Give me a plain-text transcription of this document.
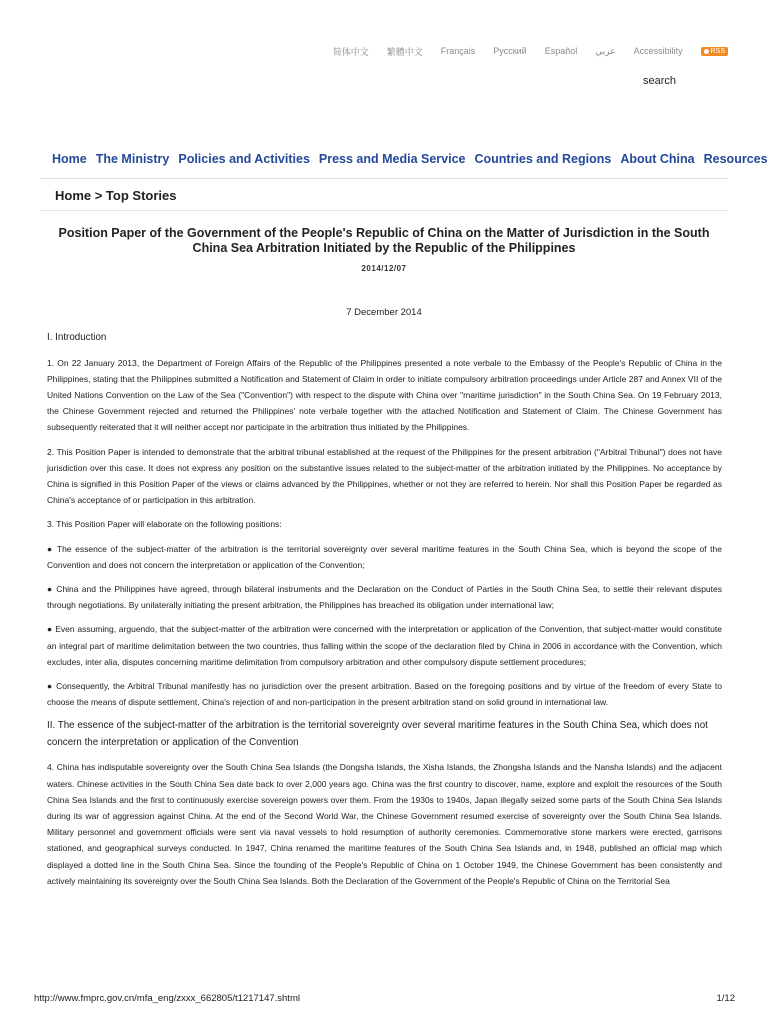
简体中文 繁體中文 Français Русский Español عربي Accessibility	RSS
search
Home The Ministry Policies and Activities Press and Media Service Countries and Regions About China Resources
Home > Top Stories
Position Paper of the Government of the People's Republic of China on the Matter of Jurisdiction in the South China Sea Arbitration Initiated by the Republic of the Philippines
2014/12/07
7 December 2014

I. Introduction

1. On 22 January 2013, the Department of Foreign Affairs of the Republic of the Philippines presented a note verbale to the Embassy of the People's Republic of China in the Philippines, stating that the Philippines submitted a Notification and Statement of Claim in order to initiate compulsory arbitration proceedings under Article 287 and Annex VII of the United Nations Convention on the Law of the Sea ("Convention") with respect to the dispute with China over "maritime jurisdiction" in the South China Sea. On 19 February 2013, the Chinese Government rejected and returned the Philippines' note verbale together with the attached Notification and Statement of Claim. The Chinese Government has subsequently reiterated that it will neither accept nor participate in the arbitration thus initiated by the Philippines.

2. This Position Paper is intended to demonstrate that the arbitral tribunal established at the request of the Philippines for the present arbitration ("Arbitral Tribunal") does not have jurisdiction over this case. It does not express any position on the substantive issues related to the subject-matter of the arbitration initiated by the Philippines. No acceptance by China is signified in this Position Paper of the views or claims advanced by the Philippines, whether or not they are referred to herein. Nor shall this Position Paper be regarded as China's acceptance of or participation in this arbitration.

3. This Position Paper will elaborate on the following positions:

● The essence of the subject-matter of the arbitration is the territorial sovereignty over several maritime features in the South China Sea, which is beyond the scope of the Convention and does not concern the interpretation or application of the Convention;

● China and the Philippines have agreed, through bilateral instruments and the Declaration on the Conduct of Parties in the South China Sea, to settle their relevant disputes through negotiations. By unilaterally initiating the present arbitration, the Philippines has breached its obligation under international law;

● Even assuming, arguendo, that the subject-matter of the arbitration were concerned with the interpretation or application of the Convention, that subject-matter would constitute an integral part of maritime delimitation between the two countries, thus falling within the scope of the declaration filed by China in 2006 in accordance with the Convention, which excludes, inter alia, disputes concerning maritime delimitation from compulsory arbitration and other compulsory dispute settlement procedures;

● Consequently, the Arbitral Tribunal manifestly has no jurisdiction over the present arbitration. Based on the foregoing positions and by virtue of the freedom of every State to choose the means of dispute settlement, China's rejection of and non-participation in the present arbitration stand on solid ground in international law.

II. The essence of the subject-matter of the arbitration is the territorial sovereignty over several maritime features in the South China Sea, which does not concern the interpretation or application of the Convention

4. China has indisputable sovereignty over the South China Sea Islands (the Dongsha Islands, the Xisha Islands, the Zhongsha Islands and the Nansha Islands) and the adjacent waters. Chinese activities in the South China Sea date back to over 2,000 years ago. China was the first country to discover, name, explore and exploit the resources of the South China Sea Islands and the first to continuously exercise sovereign powers over them. From the 1930s to 1940s, Japan illegally seized some parts of the South China Sea Islands during its war of aggression against China. At the end of the Second World War, the Chinese Government resumed exercise of sovereignty over the South China Sea Islands. Military personnel and government officials were sent via naval vessels to hold resumption of authority ceremonies. Commemorative stone markers were erected, garrisons stationed, and geographical surveys conducted. In 1947, China renamed the maritime features of the South China Sea Islands and, in 1948, published an official map which displayed a dotted line in the South China Sea. Since the founding of the People's Republic of China on 1 October 1949, the Chinese Government has been consistently and actively maintaining its sovereignty over the South China Sea Islands. Both the Declaration of the Government of the People's Republic of China on the Territorial Sea

http://www.fmprc.gov.cn/mfa_eng/zxxx_662805/t1217147.shtml	1/12
